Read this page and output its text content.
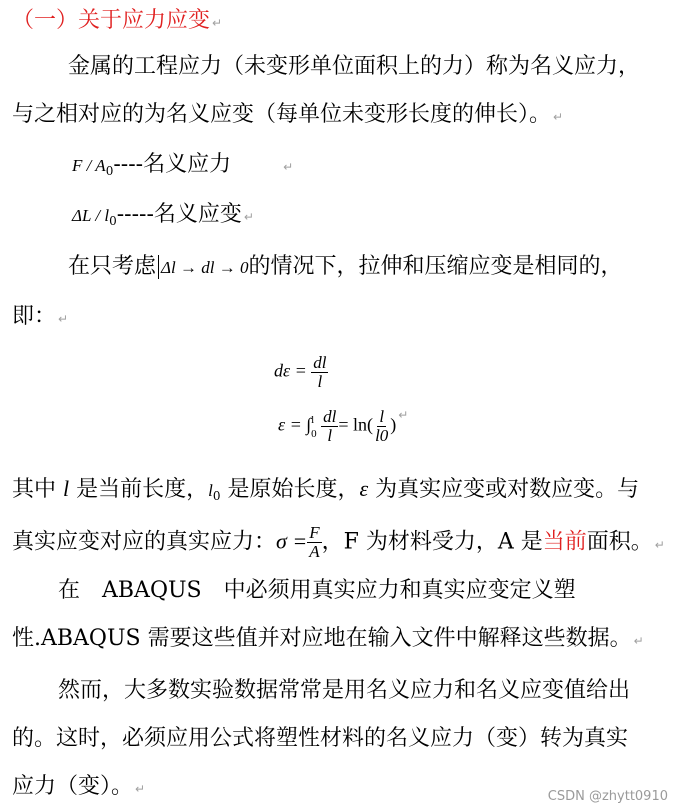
（一）关于应力应变 ↵
金属的工程应力（未变形单位面积上的力）称为名义应力，
与之相对应的为名义应变（每单位未变形长度的伸长）。 ↵
F / $A_0----$名义应力	↵
ΔL / $l_0-----$名义应变 ↵
在只考虑 Δl → dl → 0的情况下，拉伸和压缩应变是相同的，
即： ↵
$d\varepsilon = \frac{dl}{l}$
ε = ∫ l
0
$\frac{dl}{l} = \ln( \frac{l}{l0}$ ) ↵
其中 l 是当前长度，$l_0$ 是原始长度，ε 为真实应变或对数应变。与
真实应变对应的真实应力：$\sigma = \frac{F}{A}$ ，F 为材料受力，A 是当前面积。 ↵
在　ABAQUS　中必须用真实应力和真实应变定义塑
性.ABAQUS 需要这些值并对应地在输入文件中解释这些数据。 ↵
然而，大多数实验数据常常是用名义应力和名义应变值给出
的。这时，必须应用公式将塑性材料的名义应力（变）转为真实
应力（变）。 ↵	CSDN @zhytt0910
